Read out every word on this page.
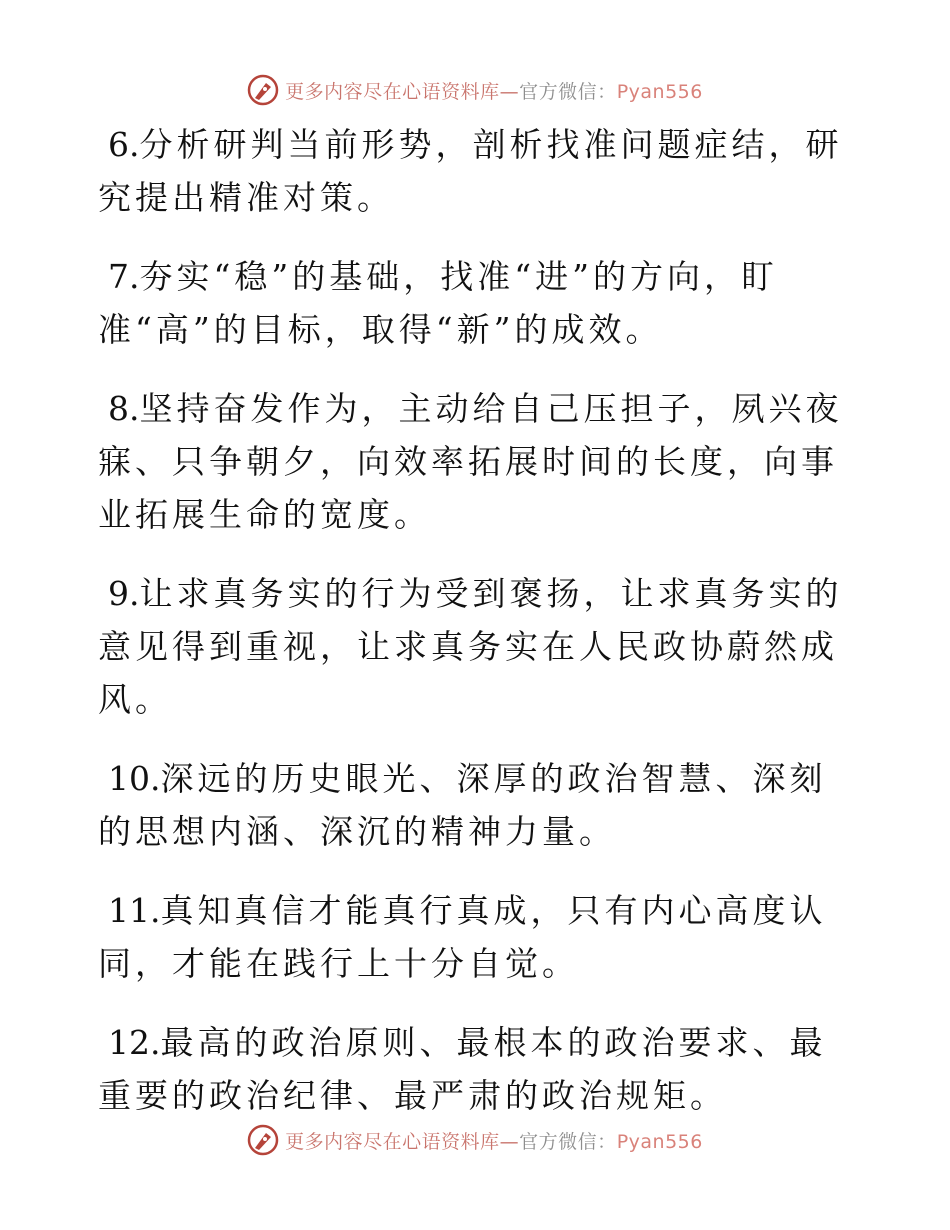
更多内容尽在心语资料库—官方微信：Pyan556

6.分析研判当前形势，剖析找准问题症结，研究提出精准对策。

7.夯实“稳”的基础，找准“进”的方向，盯准“高”的目标，取得“新”的成效。

8.坚持奋发作为，主动给自己压担子，夙兴夜寐、只争朝夕，向效率拓展时间的长度，向事业拓展生命的宽度。

9.让求真务实的行为受到褒扬，让求真务实的意见得到重视，让求真务实在人民政协蔚然成风。

10.深远的历史眼光、深厚的政治智慧、深刻的思想内涵、深沉的精神力量。

11.真知真信才能真行真成，只有内心高度认同，才能在践行上十分自觉。

12.最高的政治原则、最根本的政治要求、最重要的政治纪律、最严肃的政治规矩。

更多内容尽在心语资料库—官方微信：Pyan556
